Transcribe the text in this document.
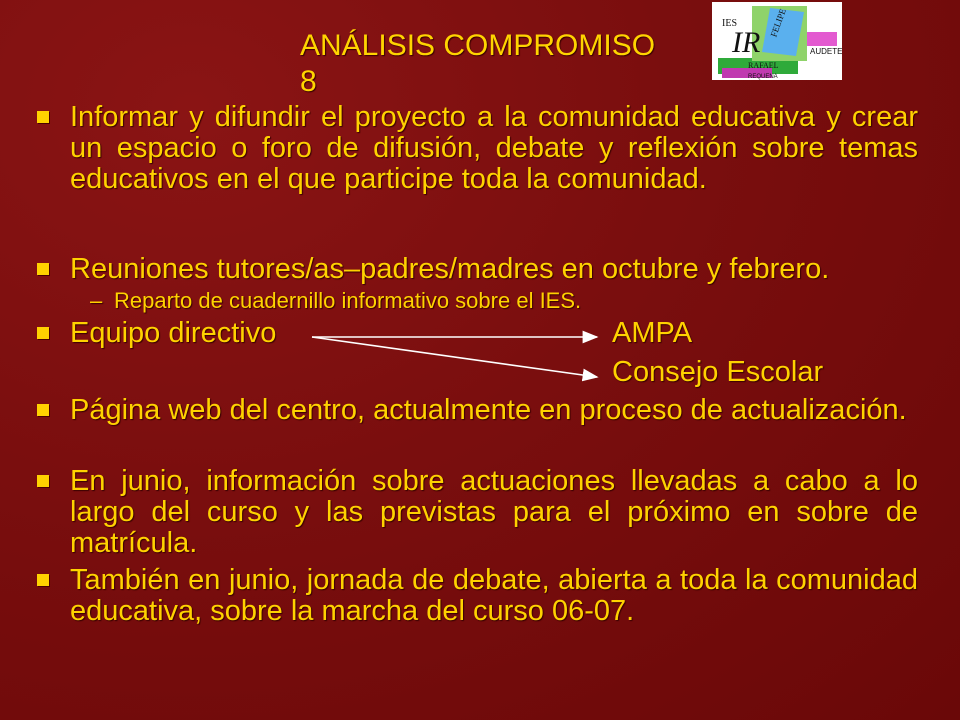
ANÁLISIS COMPROMISO 8
IES	FELIPE
IR	AUDETE
RAFAEL
REQUENA
Informar y difundir el proyecto a la comunidad educativa y crear un espacio o foro de difusión, debate y reflexión sobre temas educativos en el que participe toda la comunidad.
Reuniones tutores/as–padres/madres en octubre y febrero.
– Reparto de cuadernillo informativo sobre el IES.
Equipo directivo	AMPA
Consejo Escolar
Página web del centro, actualmente en proceso de actualización.
En junio, información sobre actuaciones llevadas a cabo a lo largo del curso y las previstas para el próximo en sobre de matrícula.
También en junio, jornada de debate, abierta a toda la comunidad educativa, sobre la marcha del curso 06-07.
